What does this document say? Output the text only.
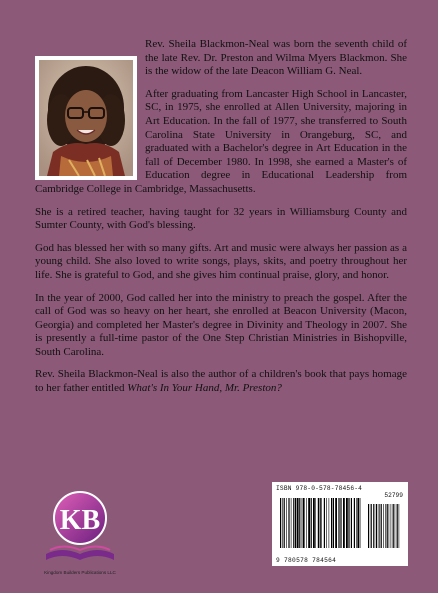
Rev. Sheila Blackmon-Neal was born the seventh child of the late Rev. Dr. Preston and Wilma Myers Blackmon. She is the widow of the late Deacon William G. Neal.

After graduating from Lancaster High School in Lancaster, SC, in 1975, she enrolled at Allen University, majoring in Art Education. In the fall of 1977, she transferred to South Carolina State University in Orangeburg, SC, and graduated with a Bachelor's degree in Art Education in the fall of December 1980. In 1998, she earned a Master's of Education degree in Educational Leadership from Cambridge College in Cambridge, Massachusetts.

She is a retired teacher, having taught for 32 years in Williamsburg County and Sumter County, with God's blessing.

God has blessed her with so many gifts. Art and music were always her passion as a young child. She also loved to write songs, plays, skits, and poetry throughout her life. She is grateful to God, and she gives him continual praise, glory, and honor.

In the year of 2000, God called her into the ministry to preach the gospel. After the call of God was so heavy on her heart, she enrolled at Beacon University (Macon, Georgia) and completed her Master's degree in Divinity and Theology in 2007. She is presently a full-time pastor of the One Step Christian Ministries in Bishopville, South Carolina.

Rev. Sheila Blackmon-Neal is also the author of a children's book that pays homage to her father entitled What's In Your Hand, Mr. Preston?

KB
Kingdom Builders Publications LLC
ISBN 978-0-578-78456-4
9 780578 784564
52799
